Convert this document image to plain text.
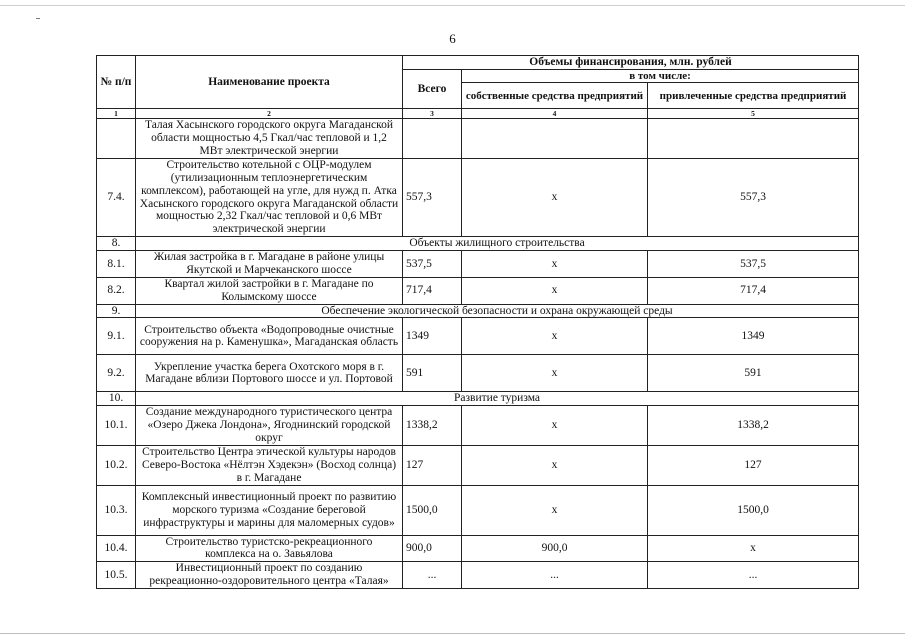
6
№ п/п	Наименование проекта	Объемы финансирования, млн. рублей		
		Всего	в том числе:	
			собственные средства предприятий	привлеченные средства предприятий
1	2	3	4	5
	Талая Хасынского городского округа Магаданской области мощностью 4,5 Гкал/час тепловой и 1,2 МВт электрической энергии			
7.4.	Строительство котельной с ОЦР-модулем (утилизационным теплоэнергетическим комплексом), работающей на угле, для нужд п. Атка Хасынского городского округа Магаданской области мощностью 2,32 Гкал/час тепловой и 0,6 МВт электрической энергии	557,3	х	557,3
8.	Объекты жилищного строительства			
8.1.	Жилая застройка в г. Магадане в районе улицы Якутской и Марчеканского шоссе	537,5	х	537,5
8.2.	Квартал жилой застройки в г. Магадане по Колымскому шоссе	717,4	х	717,4
9.	Обеспечение экологической безопасности и охрана окружающей среды			
9.1.	Строительство объекта «Водопроводные очистные сооружения на р. Каменушка», Магаданская область	1349	х	1349
9.2.	Укрепление участка берега Охотского моря в г. Магадане вблизи Портового шоссе и ул. Портовой	591	х	591
10.	Развитие туризма			
10.1.	Создание международного туристического центра «Озеро Джека Лондона», Ягоднинский городской округ	1338,2	х	1338,2
10.2.	Строительство Центра этической культуры народов Северо-Востока «Нёлтэн Хэдекэн» (Восход солнца) в г. Магадане	127	х	127
10.3.	Комплексный инвестиционный проект по развитию морского туризма «Создание береговой инфраструктуры и марины для маломерных судов»	1500,0	х	1500,0
10.4.	Строительство туристско-рекреационного комплекса на о. Завьялова	900,0	900,0	х
10.5.	Инвестиционный проект по созданию рекреационно-оздоровительного центра «Талая»	...	...	...
